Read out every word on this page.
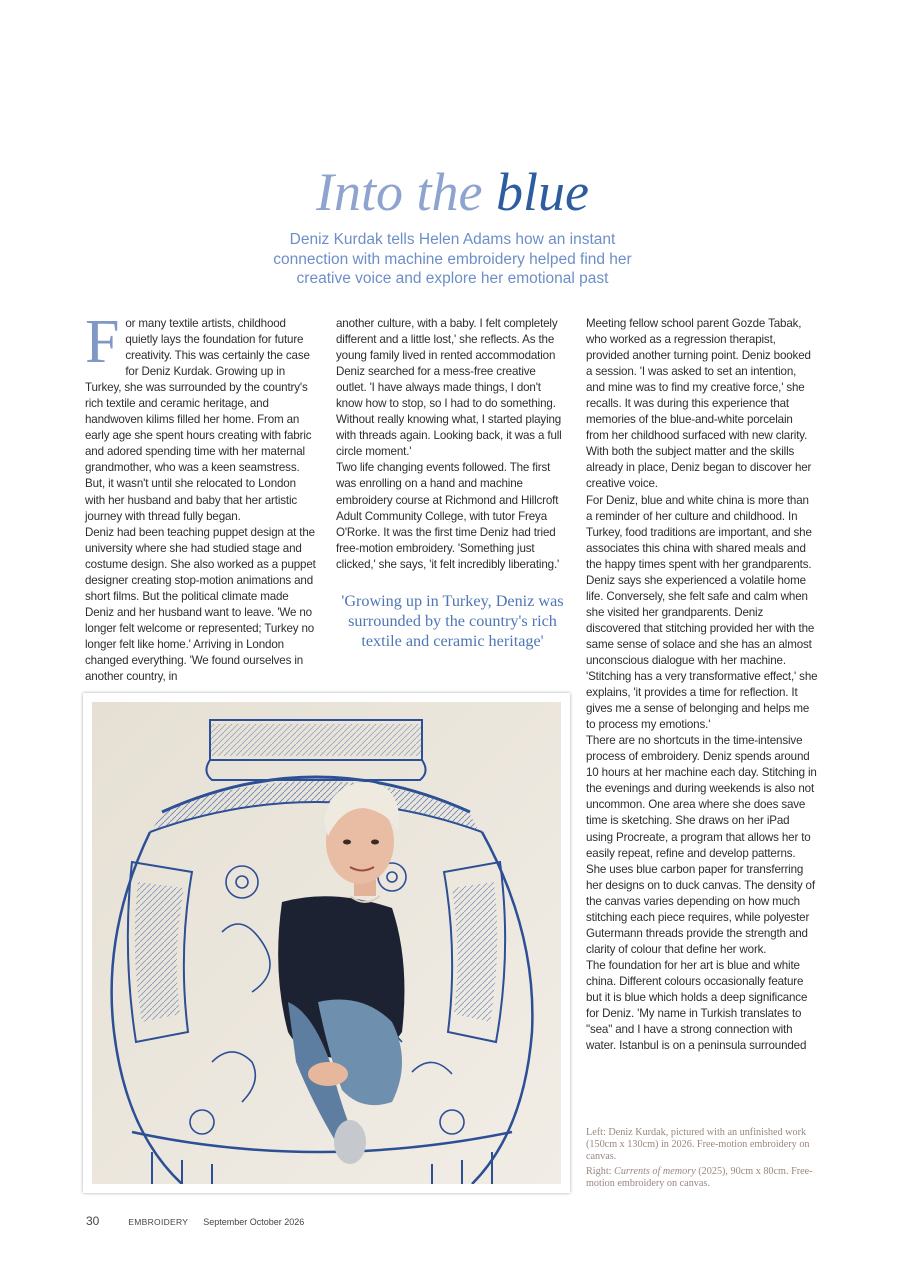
Into the blue

Deniz Kurdak tells Helen Adams how an instant connection with machine embroidery helped find her creative voice and explore her emotional past

For many textile artists, childhood quietly lays the foundation for future creativity. This was certainly the case for Deniz Kurdak. Growing up in Turkey, she was surrounded by the country's rich textile and ceramic heritage, and handwoven kilims filled her home. From an early age she spent hours creating with fabric and adored spending time with her maternal grandmother, who was a keen seamstress. But, it wasn't until she relocated to London with her husband and baby that her artistic journey with thread fully began.

Deniz had been teaching puppet design at the university where she had studied stage and costume design. She also worked as a puppet designer creating stop-motion animations and short films. But the political climate made Deniz and her husband want to leave. 'We no longer felt welcome or represented; Turkey no longer felt like home.' Arriving in London changed everything. 'We found ourselves in another country, in

another culture, with a baby. I felt completely different and a little lost,' she reflects. As the young family lived in rented accommodation Deniz searched for a mess-free creative outlet. 'I have always made things, I don't know how to stop, so I had to do something. Without really knowing what, I started playing with threads again. Looking back, it was a full circle moment.'

Two life changing events followed. The first was enrolling on a hand and machine embroidery course at Richmond and Hillcroft Adult Community College, with tutor Freya O'Rorke. It was the first time Deniz had tried free-motion embroidery. 'Something just clicked,' she says, 'it felt incredibly liberating.'

'Growing up in Turkey, Deniz was surrounded by the country's rich textile and ceramic heritage'

Meeting fellow school parent Gozde Tabak, who worked as a regression therapist, provided another turning point. Deniz booked a session. 'I was asked to set an intention, and mine was to find my creative force,' she recalls. It was during this experience that memories of the blue-and-white porcelain from her childhood surfaced with new clarity. With both the subject matter and the skills already in place, Deniz began to discover her creative voice.

For Deniz, blue and white china is more than a reminder of her culture and childhood. In Turkey, food traditions are important, and she associates this china with shared meals and the happy times spent with her grandparents. Deniz says she experienced a volatile home life. Conversely, she felt safe and calm when she visited her grandparents. Deniz discovered that stitching provided her with the same sense of solace and she has an almost unconscious dialogue with her machine. 'Stitching has a very transformative effect,' she explains, 'it provides a time for reflection. It gives me a sense of belonging and helps me to process my emotions.'

There are no shortcuts in the time-intensive process of embroidery. Deniz spends around 10 hours at her machine each day. Stitching in the evenings and during weekends is also not uncommon. One area where she does save time is sketching. She draws on her iPad using Procreate, a program that allows her to easily repeat, refine and develop patterns. She uses blue carbon paper for transferring her designs on to duck canvas. The density of the canvas varies depending on how much stitching each piece requires, while polyester Gutermann threads provide the strength and clarity of colour that define her work.

The foundation for her art is blue and white china. Different colours occasionally feature but it is blue which holds a deep significance for Deniz. 'My name in Turkish translates to "sea" and I have a strong connection with water. Istanbul is on a peninsula surrounded

Left: Deniz Kurdak, pictured with an unfinished work (150cm x 130cm) in 2026. Free-motion embroidery on canvas.

Right: Currents of memory (2025), 90cm x 80cm. Free-motion embroidery on canvas.

30	EMBROIDERY September October 2026
